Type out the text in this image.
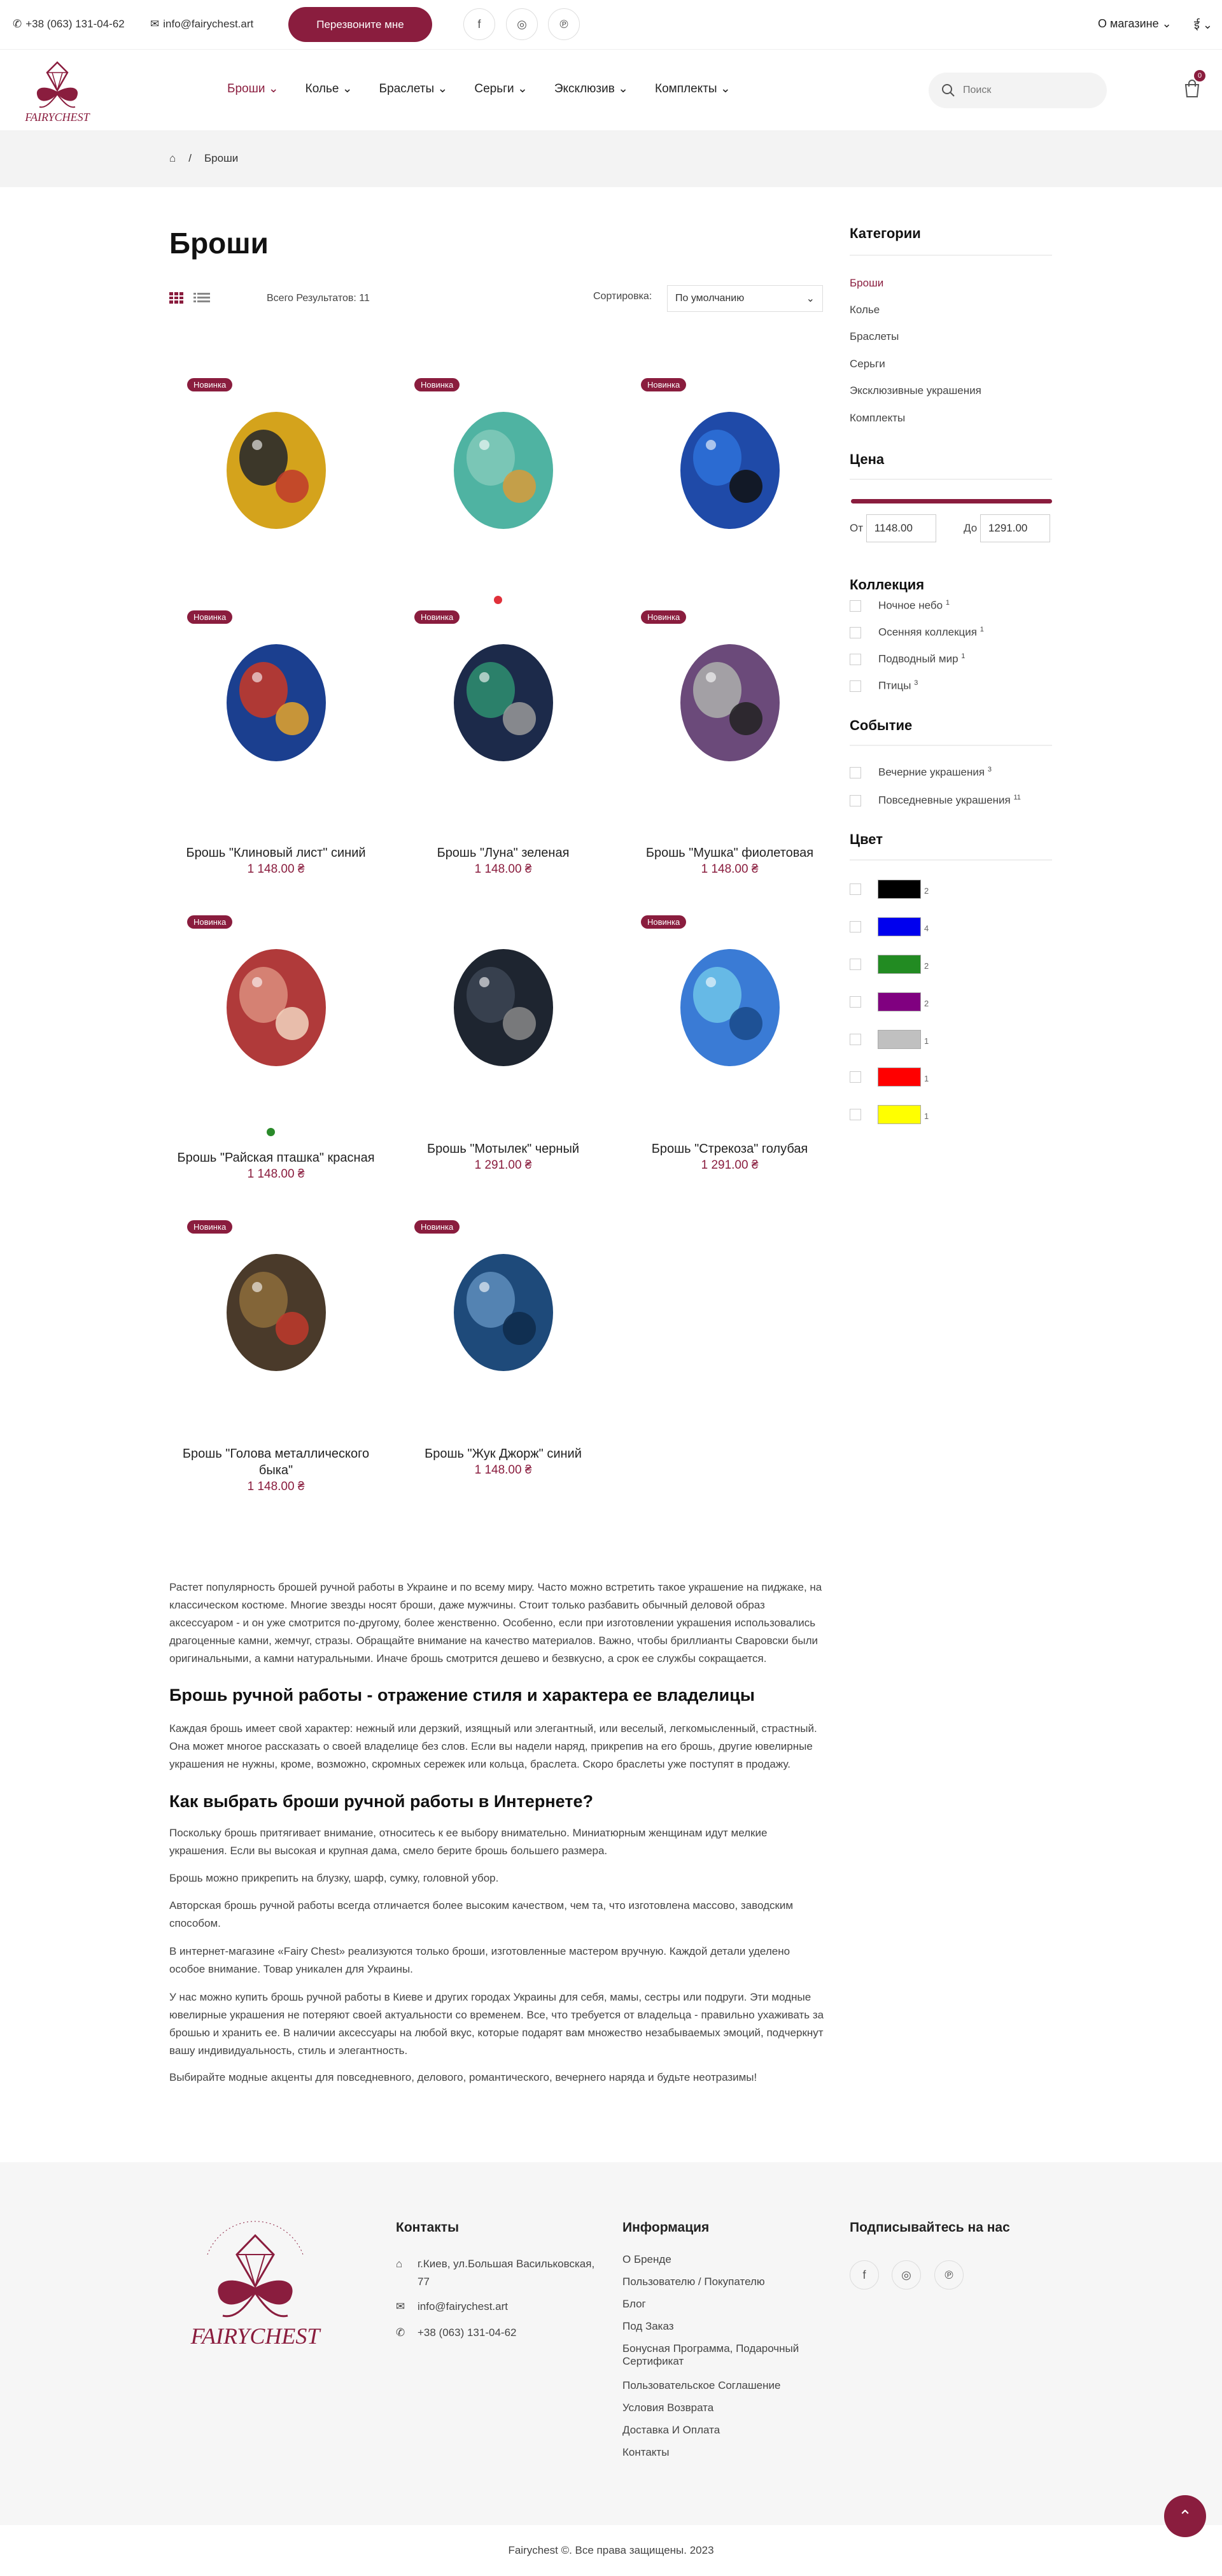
✆ +38 (063) 131-04-62 ✉ info@fairychest.art	Перезвоните мне	f	◎	℗	О магазине ⌄ ई ⌄
FAIRYCHEST
Броши ⌄ Колье ⌄ Браслеты ⌄ Серьги ⌄ Эксклюзив ⌄ Комплекты ⌄
Поиск
0
⌂ / Броши
Броши
Всего Результатов: 11	Сортировка: По умолчанию	⌄
Новинка	Новинка	Новинка
Новинка
Брошь "Клиновый лист" синий
1 148.00 ₴
Новинка
Брошь "Луна" зеленая
1 148.00 ₴
Новинка
Брошь "Мушка" фиолетовая
1 148.00 ₴
Новинка
Брошь "Райская пташка" красная
1 148.00 ₴
Брошь "Мотылек" черный
1 291.00 ₴
Новинка
Брошь "Стрекоза" голубая
1 291.00 ₴
Новинка
Брошь "Голова металлического быка"
1 148.00 ₴
Новинка
Брошь "Жук Джорж" синий
1 148.00 ₴
Категории
Броши
Колье
Браслеты
Серьги
Эксклюзивные украшения
Комплекты
Цена
От 1148.00	До 1291.00
Коллекция
Ночное небо $^1$
Осенняя коллекция $^1$
Подводный мир $^1$
Птицы $^3$
Событие
Вечерние украшения $^3$
Повседневные украшения $^{11}$
Цвет
2
4
2
2
1
1
1
Растет популярность брошей ручной работы в Украине и по всему миру. Часто можно встретить такое украшение на пиджаке, на классическом костюме. Многие звезды носят броши, даже мужчины. Стоит только разбавить обычный деловой образ аксессуаром - и он уже смотрится по-другому, более женственно. Особенно, если при изготовлении украшения использовались драгоценные камни, жемчуг, стразы. Обращайте внимание на качество материалов. Важно, чтобы бриллианты Сваровски были оригинальными, а камни натуральными. Иначе брошь смотрится дешево и безвкусно, а срок ее службы сокращается.
Брошь ручной работы - отражение стиля и характера ее владелицы
Каждая брошь имеет свой характер: нежный или дерзкий, изящный или элегантный, или веселый, легкомысленный, страстный. Она может многое рассказать о своей владелице без слов. Если вы надели наряд, прикрепив на его брошь, другие ювелирные украшения не нужны, кроме, возможно, скромных сережек или кольца, браслета. Скоро браслеты уже поступят в продажу.
Как выбрать броши ручной работы в Интернете?
Поскольку брошь притягивает внимание, относитесь к ее выбору внимательно. Миниатюрным женщинам идут мелкие украшения. Если вы высокая и крупная дама, смело берите брошь большего размера.
Брошь можно прикрепить на блузку, шарф, сумку, головной убор.
Авторская брошь ручной работы всегда отличается более высоким качеством, чем та, что изготовлена массово, заводским способом.
В интернет-магазине «Fairy Chest» реализуются только броши, изготовленные мастером вручную. Каждой детали уделено особое внимание. Товар уникален для Украины.
У нас можно купить брошь ручной работы в Киеве и других городах Украины для себя, мамы, сестры или подруги. Эти модные ювелирные украшения не потеряют своей актуальности со временем. Все, что требуется от владельца - правильно ухаживать за брошью и хранить ее. В наличии аксессуары на любой вкус, которые подарят вам множество незабываемых эмоций, подчеркнут вашу индивидуальность, стиль и элегантность.
Выбирайте модные акценты для повседневного, делового, романтического, вечернего наряда и будьте неотразимы!
FAIRYCHEST
Контакты
⌂ г.Киев, ул.Большая Васильковская, 77
✉ info@fairychest.art
✆ +38 (063) 131-04-62
Информация
О Бренде
Пользователю / Покупателю
Блог
Под Заказ
Бонусная Программа, Подарочный Сертификат
Пользовательское Соглашение
Условия Возврата
Доставка И Оплата
Контакты
Подписывайтесь на нас
f	◎	℗
Fairychest ©. Все права защищены. 2023
⌃
